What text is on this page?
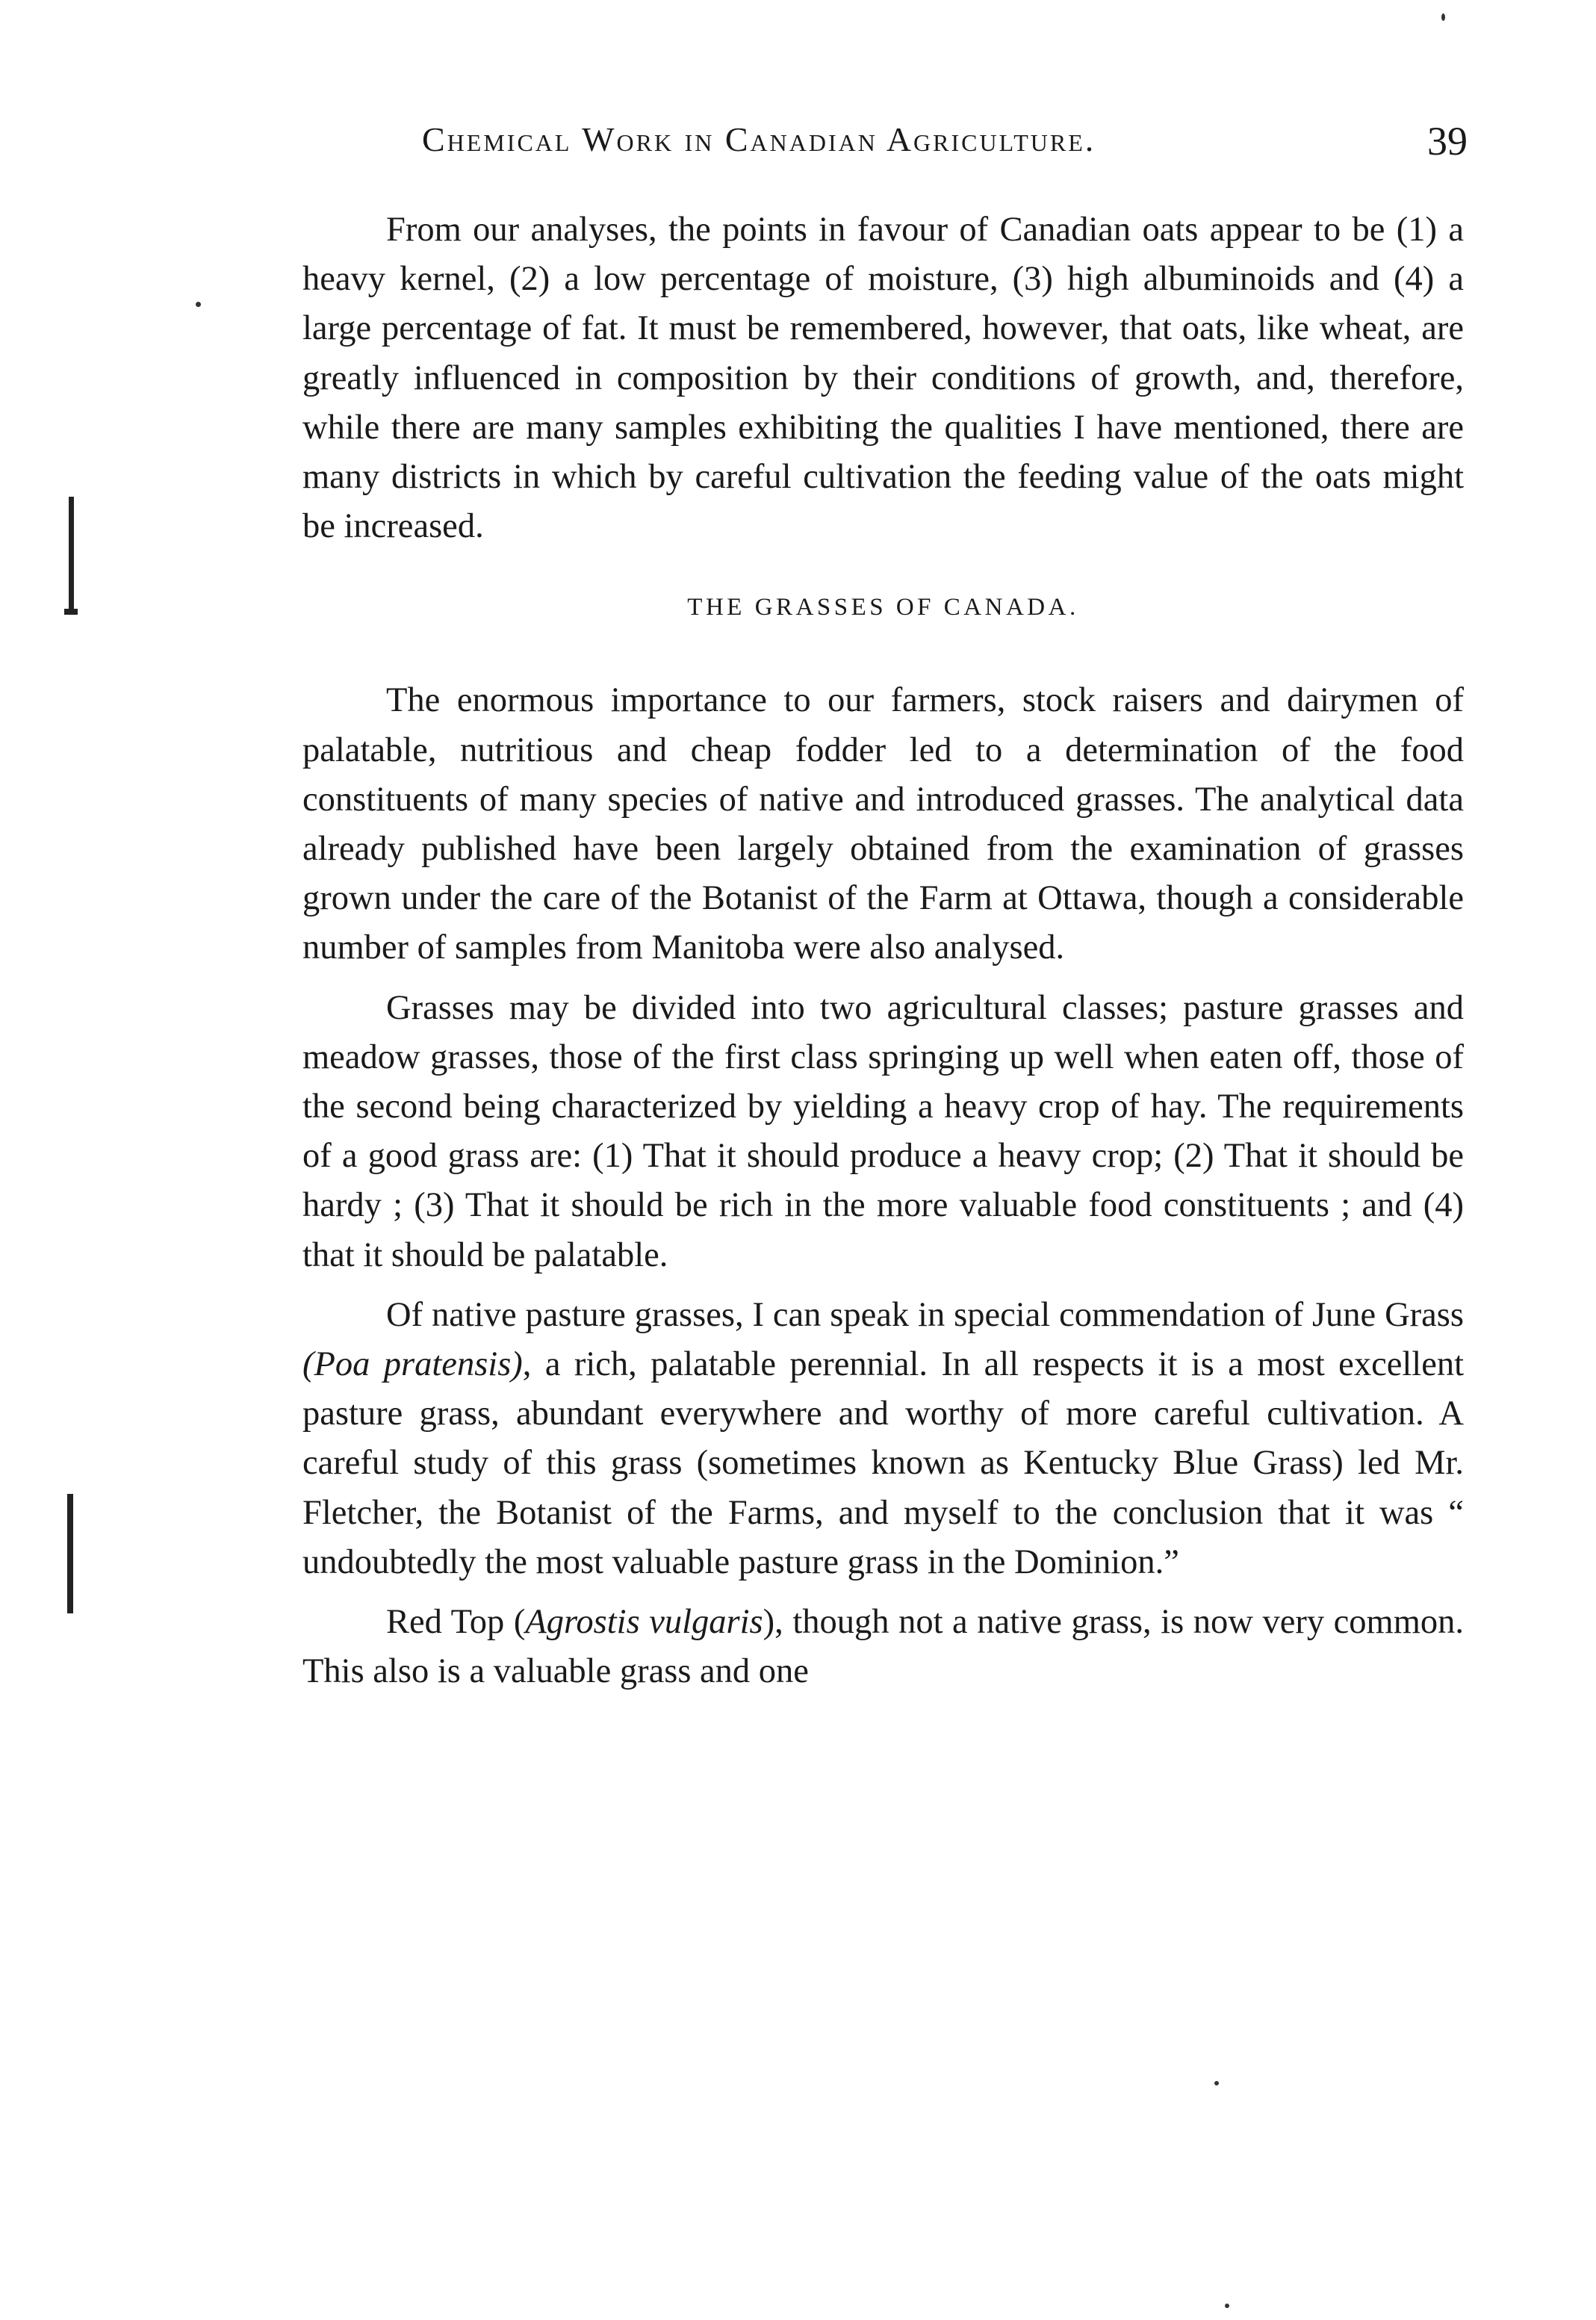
Chemical Work in Canadian Agriculture.	39

From our analyses, the points in favour of Canadian oats appear to be (1) a heavy kernel, (2) a low percentage of moisture, (3) high albuminoids and (4) a large percentage of fat. It must be remembered, however, that oats, like wheat, are greatly influenced in composition by their conditions of growth, and, therefore, while there are many samples exhibiting the qualities I have mentioned, there are many districts in which by careful cultivation the feeding value of the oats might be increased.

THE GRASSES OF CANADA.

The enormous importance to our farmers, stock raisers and dairymen of palatable, nutritious and cheap fodder led to a determination of the food constituents of many species of native and introduced grasses. The analytical data already published have been largely obtained from the examination of grasses grown under the care of the Botanist of the Farm at Ottawa, though a considerable number of samples from Manitoba were also analysed.

Grasses may be divided into two agricultural classes; pasture grasses and meadow grasses, those of the first class springing up well when eaten off, those of the second being characterized by yielding a heavy crop of hay. The requirements of a good grass are: (1) That it should produce a heavy crop; (2) That it should be hardy ; (3) That it should be rich in the more valuable food constituents ; and (4) that it should be palatable.

Of native pasture grasses, I can speak in special commendation of June Grass (Poa pratensis), a rich, palatable perennial. In all respects it is a most excellent pasture grass, abundant everywhere and worthy of more careful cultivation. A careful study of this grass (sometimes known as Kentucky Blue Grass) led Mr. Fletcher, the Botanist of the Farms, and myself to the conclusion that it was “ undoubtedly the most valuable pasture grass in the Dominion.”

Red Top (Agrostis vulgaris), though not a native grass, is now very common. This also is a valuable grass and one
